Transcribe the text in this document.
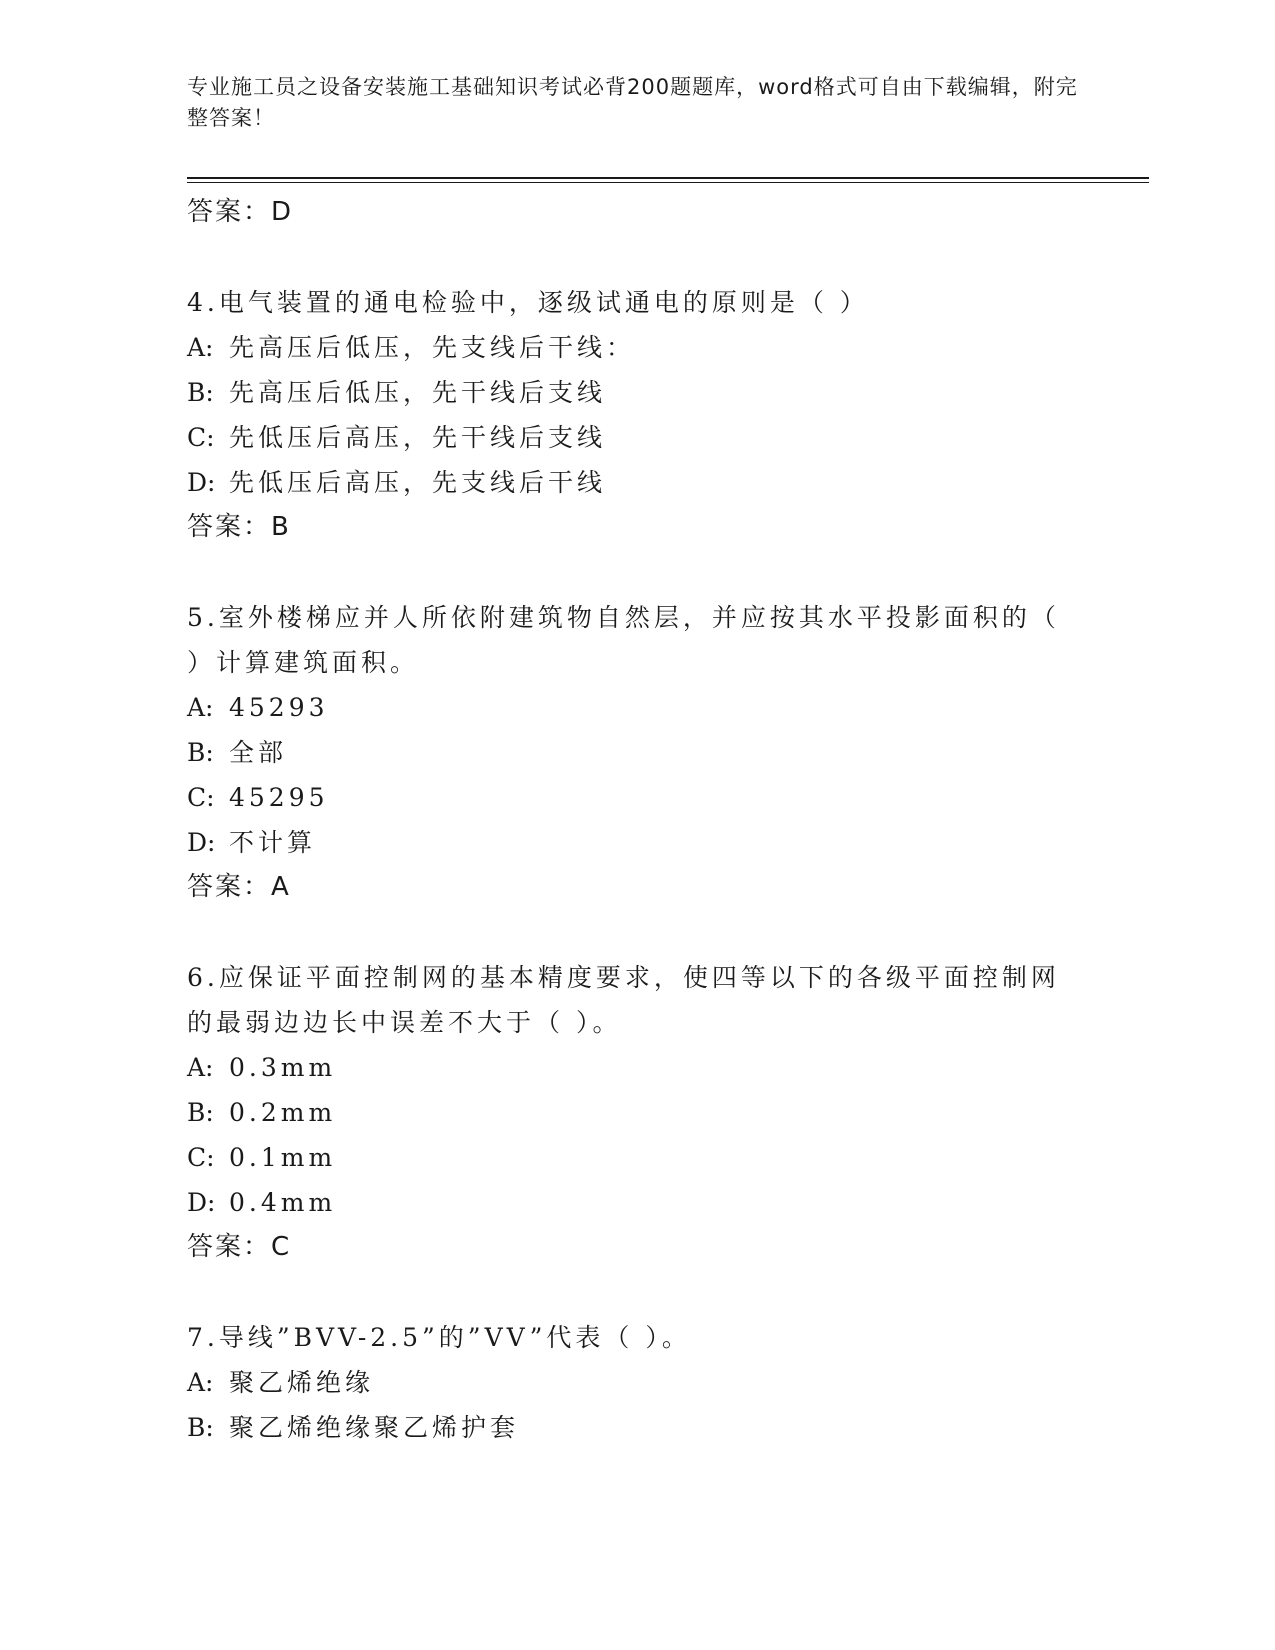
专业施工员之设备安装施工基础知识考试必背200题题库，word格式可自由下载编辑，附完整答案！

答案：D

4.电气装置的通电检验中，逐级试通电的原则是（ ）

A: 先高压后低压，先支线后干线：

B: 先高压后低压，先干线后支线

C: 先低压后高压，先干线后支线

D: 先低压后高压，先支线后干线

答案：B

5.室外楼梯应并人所依附建筑物自然层，并应按其水平投影面积的（ ）计算建筑面积。

A: 45293

B: 全部

C: 45295

D: 不计算

答案：A

6.应保证平面控制网的基本精度要求，使四等以下的各级平面控制网的最弱边边长中误差不大于（ ）。

A: 0.3mm

B: 0.2mm

C: 0.1mm

D: 0.4mm

答案：C

7.导线”BVV-2.5”的”VV”代表（ ）。

A: 聚乙烯绝缘

B: 聚乙烯绝缘聚乙烯护套
